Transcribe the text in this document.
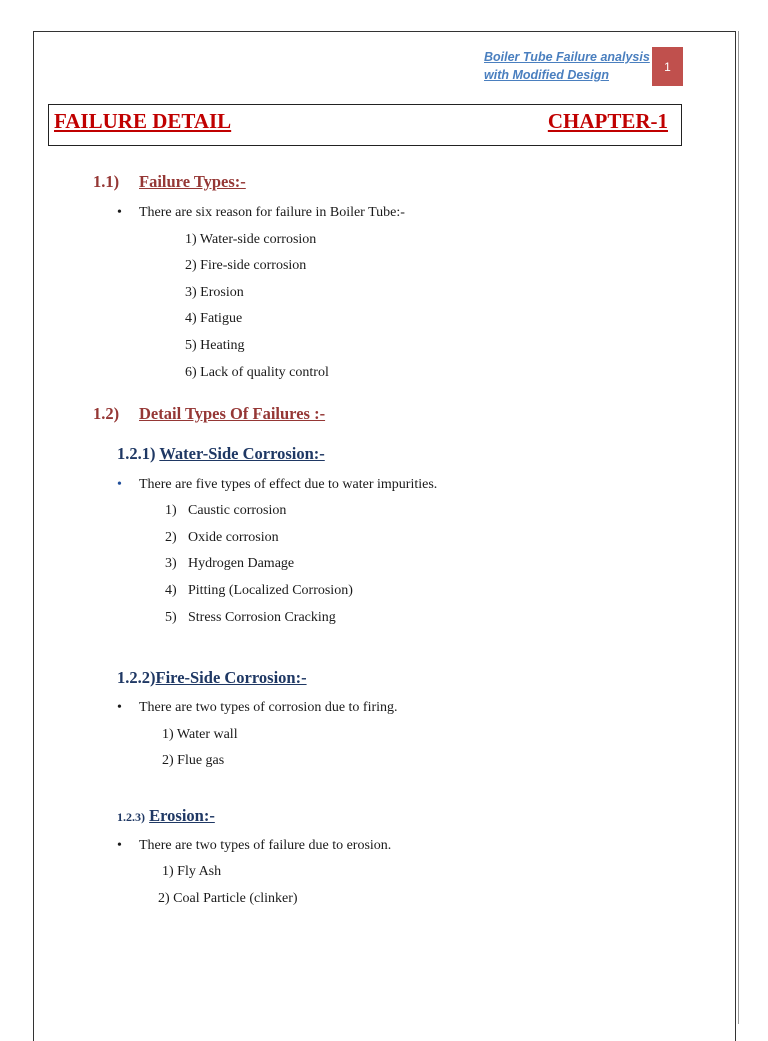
Boiler Tube Failure analysis
with Modified Design
1
FAILURE DETAIL	CHAPTER-1
1.1) Failure Types:-
• There are six reason for failure in Boiler Tube:-
1) Water-side corrosion
2) Fire-side corrosion
3) Erosion
4) Fatigue
5) Heating
6) Lack of quality control
1.2) Detail Types Of Failures :-
1.2.1) Water-Side Corrosion:-
• There are five types of effect due to water impurities.
1) Caustic corrosion
2) Oxide corrosion
3) Hydrogen Damage
4) Pitting (Localized Corrosion)
5) Stress Corrosion Cracking
1.2.2)Fire-Side Corrosion:-
• There are two types of corrosion due to firing.
1) Water wall
2) Flue gas
1.2.3) Erosion:-
• There are two types of failure due to erosion.
1) Fly Ash
2) Coal Particle (clinker)
